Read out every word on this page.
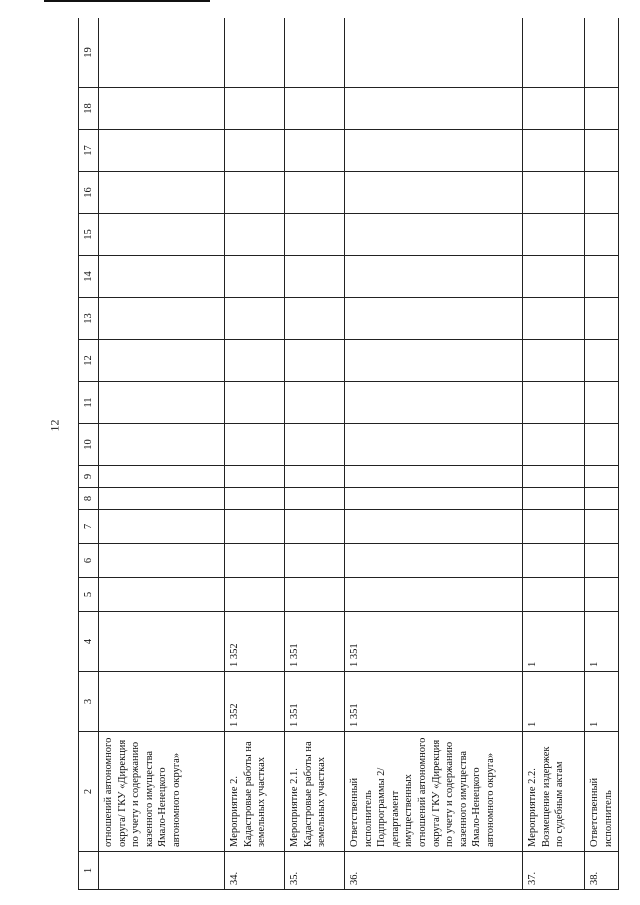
12
1	2	3	4	5	6	7	8	9	10	11	12	13	14	15	16	17	18	19
	отношений автономного округа/ ГКУ «Дирекция по учету и содержанию казенного имущества Ямало-Ненецкого автономного округа»																	
34.	Мероприятие 2. Кадастровые работы на земельных участках	1 352	1 352															
35.	Мероприятие 2.1. Кадастровые работы на земельных участках	1 351	1 351															
36.	Ответственный исполнитель Подпрограммы 2/ департамент имущественных отношений автономного округа/ ГКУ «Дирекция по учету и содержанию казенного имущества Ямало-Ненецкого автономного округа»	1 351	1 351															
37.	Мероприятие 2.2. Возмещение издержек по судебным актам	1	1															
38.	Ответственный исполнитель	1	1															
